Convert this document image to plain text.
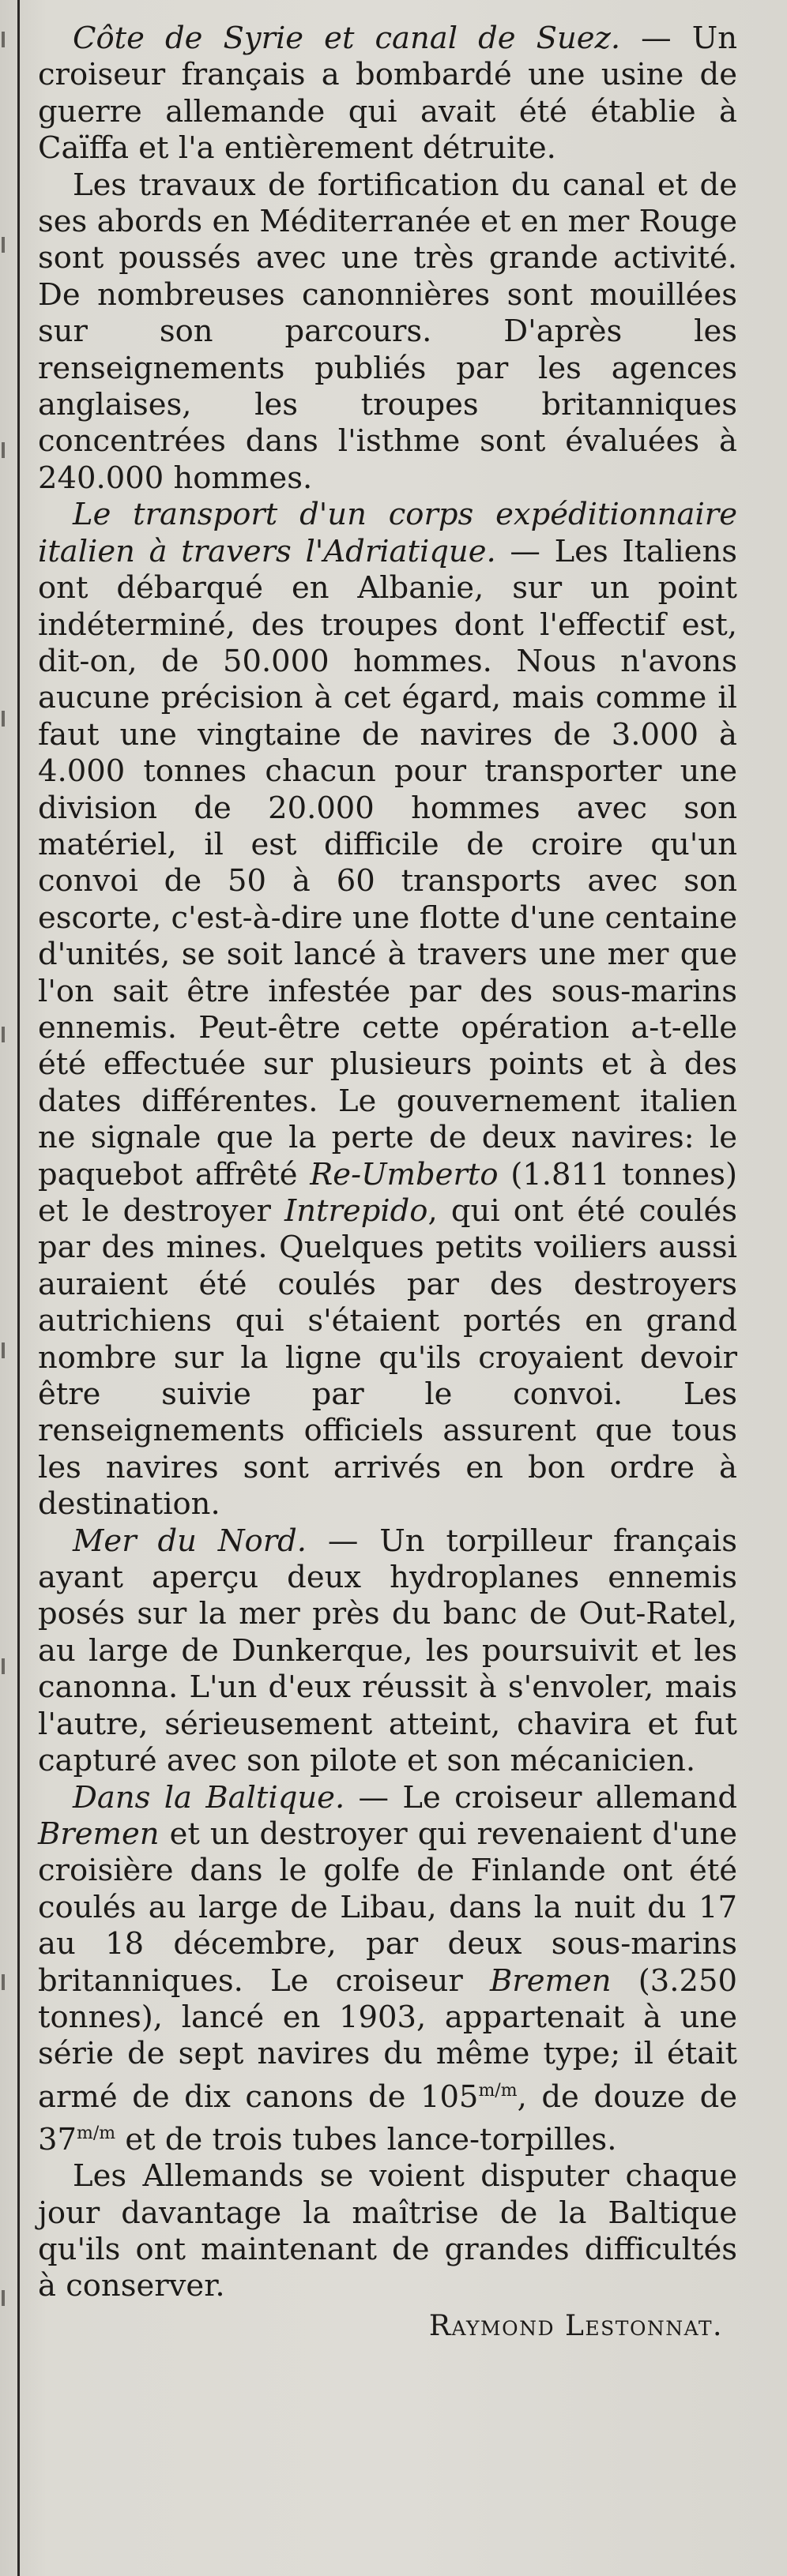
Côte de Syrie et canal de Suez. — Un croiseur français a bombardé une usine de guerre allemande qui avait été établie à Caïffa et l'a entièrement détruite.

Les travaux de fortification du canal et de ses abords en Méditerranée et en mer Rouge sont poussés avec une très grande activité. De nombreuses canonnières sont mouillées sur son parcours. D'après les renseignements publiés par les agences anglaises, les troupes britanniques concentrées dans l'isthme sont évaluées à 240.000 hommes.

Le transport d'un corps expéditionnaire italien à travers l'Adriatique. — Les Italiens ont débarqué en Albanie, sur un point indéterminé, des troupes dont l'effectif est, dit-on, de 50.000 hommes. Nous n'avons aucune précision à cet égard, mais comme il faut une vingtaine de navires de 3.000 à 4.000 tonnes chacun pour transporter une division de 20.000 hommes avec son matériel, il est difficile de croire qu'un convoi de 50 à 60 transports avec son escorte, c'est-à-dire une flotte d'une centaine d'unités, se soit lancé à travers une mer que l'on sait être infestée par des sous-marins ennemis. Peut-être cette opération a-t-elle été effectuée sur plusieurs points et à des dates différentes. Le gouvernement italien ne signale que la perte de deux navires: le paquebot affrêté Re-Umberto (1.811 tonnes) et le destroyer Intrepido, qui ont été coulés par des mines. Quelques petits voiliers aussi auraient été coulés par des destroyers autrichiens qui s'étaient portés en grand nombre sur la ligne qu'ils croyaient devoir être suivie par le convoi. Les renseignements officiels assurent que tous les navires sont arrivés en bon ordre à destination.

Mer du Nord. — Un torpilleur français ayant aperçu deux hydroplanes ennemis posés sur la mer près du banc de Out-Ratel, au large de Dunkerque, les poursuivit et les canonna. L'un d'eux réussit à s'envoler, mais l'autre, sérieusement atteint, chavira et fut capturé avec son pilote et son mécanicien.

Dans la Baltique. — Le croiseur allemand Bremen et un destroyer qui revenaient d'une croisière dans le golfe de Finlande ont été coulés au large de Libau, dans la nuit du 17 au 18 décembre, par deux sous-marins britanniques. Le croiseur Bremen (3.250 tonnes), lancé en 1903, appartenait à une série de sept navires du même type; il était armé de dix canons de $105^{m/m}$, de douze de $37^{m/m}$ et de trois tubes lance-torpilles.

Les Allemands se voient disputer chaque jour davantage la maîtrise de la Baltique qu'ils ont maintenant de grandes difficultés à conserver.

Raymond Lestonnat.
